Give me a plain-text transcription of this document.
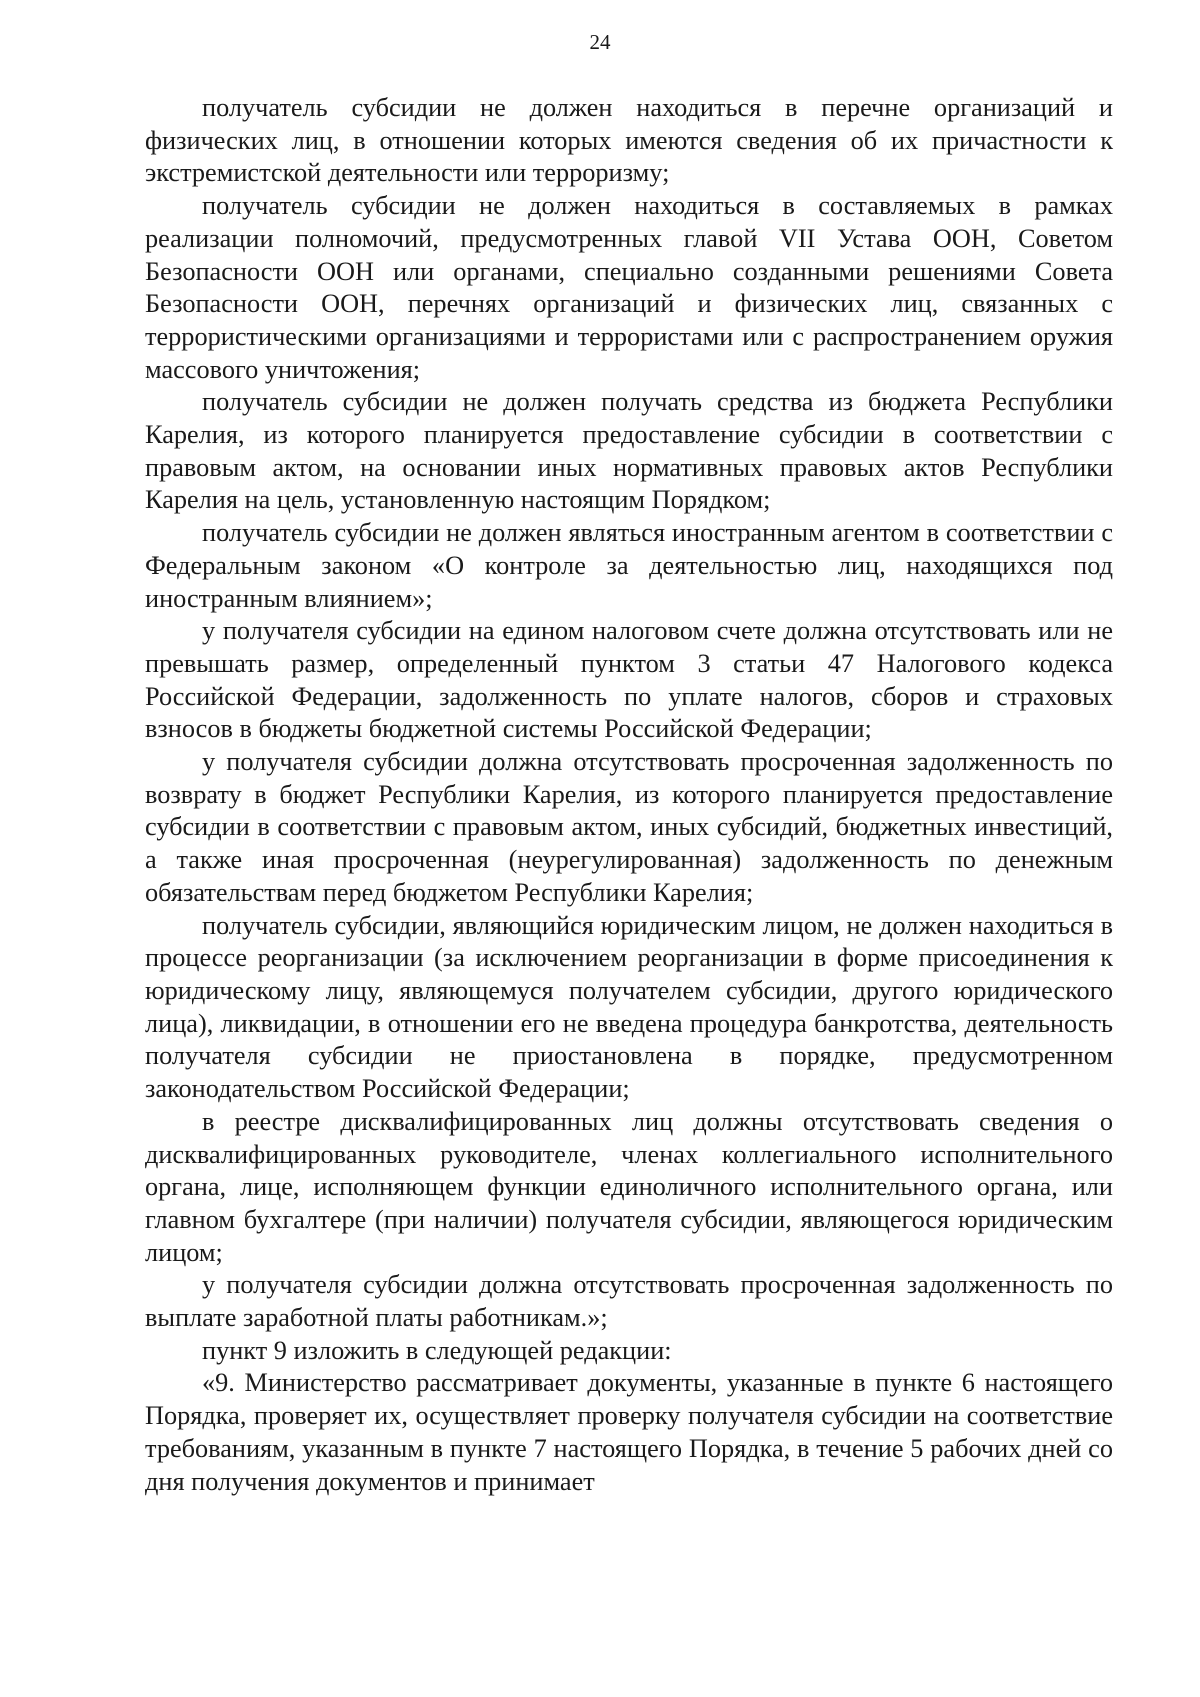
24

получатель субсидии не должен находиться в перечне организаций и физических лиц, в отношении которых имеются сведения об их причастности к экстремистской деятельности или терроризму;

получатель субсидии не должен находиться в составляемых в рамках реализации полномочий, предусмотренных главой VII Устава ООН, Советом Безопасности ООН или органами, специально созданными решениями Совета Безопасности ООН, перечнях организаций и физических лиц, связанных с террористическими организациями и террористами или с распространением оружия массового уничтожения;

получатель субсидии не должен получать средства из бюджета Республики Карелия, из которого планируется предоставление субсидии в соответствии с правовым актом, на основании иных нормативных правовых актов Республики Карелия на цель, установленную настоящим Порядком;

получатель субсидии не должен являться иностранным агентом в соответствии с Федеральным законом «О контроле за деятельностью лиц, находящихся под иностранным влиянием»;

у получателя субсидии на едином налоговом счете должна отсутствовать или не превышать размер, определенный пунктом 3 статьи 47 Налогового кодекса Российской Федерации, задолженность по уплате налогов, сборов и страховых взносов в бюджеты бюджетной системы Российской Федерации;

у получателя субсидии должна отсутствовать просроченная задолженность по возврату в бюджет Республики Карелия, из которого планируется предоставление субсидии в соответствии с правовым актом, иных субсидий, бюджетных инвестиций, а также иная просроченная (неурегулированная) задолженность по денежным обязательствам перед бюджетом Республики Карелия;

получатель субсидии, являющийся юридическим лицом, не должен находиться в процессе реорганизации (за исключением реорганизации в форме присоединения к юридическому лицу, являющемуся получателем субсидии, другого юридического лица), ликвидации, в отношении его не введена процедура банкротства, деятельность получателя субсидии не приостановлена в порядке, предусмотренном законодательством Российской Федерации;

в реестре дисквалифицированных лиц должны отсутствовать сведения о дисквалифицированных руководителе, членах коллегиального исполнительного органа, лице, исполняющем функции единоличного исполнительного органа, или главном бухгалтере (при наличии) получателя субсидии, являющегося юридическим лицом;

у получателя субсидии должна отсутствовать просроченная задолженность по выплате заработной платы работникам.»;

пункт 9 изложить в следующей редакции:

«9. Министерство рассматривает документы, указанные в пункте 6 настоящего Порядка, проверяет их, осуществляет проверку получателя субсидии на соответствие требованиям, указанным в пункте 7 настоящего Порядка, в течение 5 рабочих дней со дня получения документов и принимает
